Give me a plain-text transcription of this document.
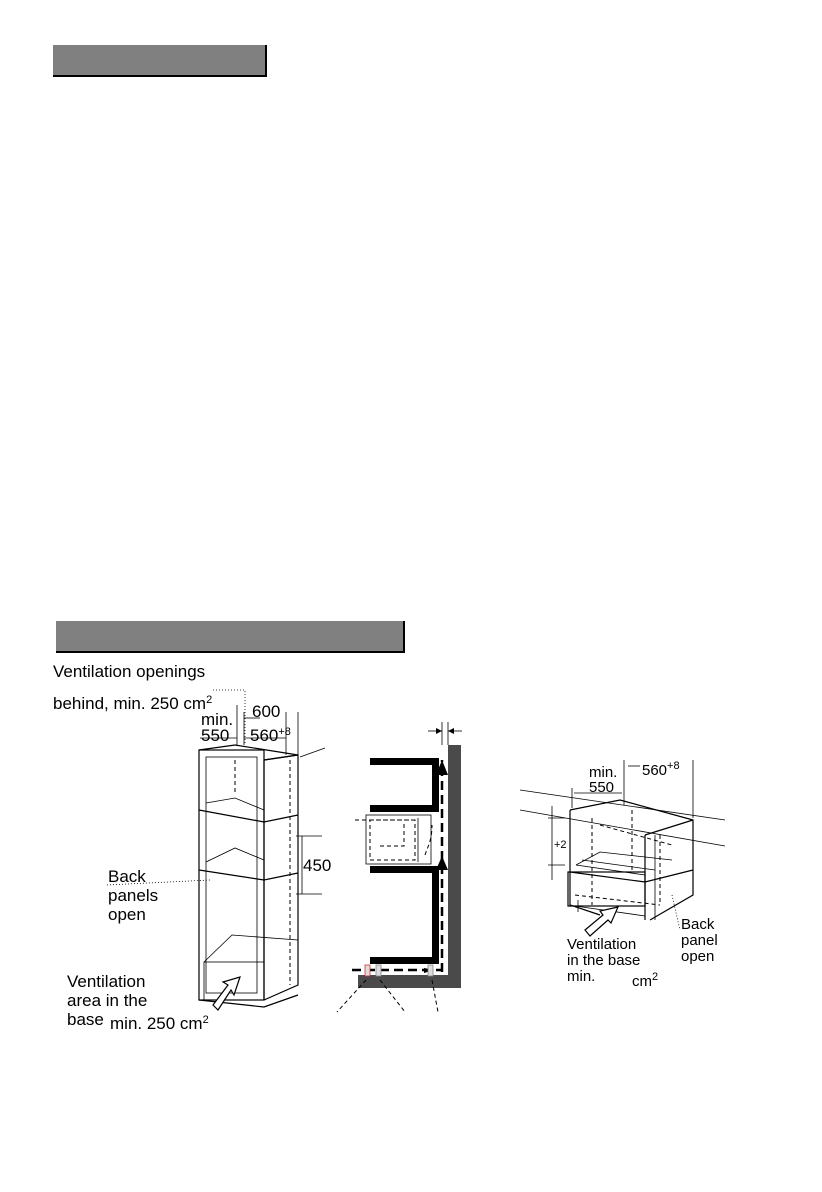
Ventilation openings
behind, min. 250 $cm^2$
600
min.
550 $560^{+8}$
450
Back
panels
open
Ventilation
area in the
base min. 250 $cm^2$
min.
550
$560^{+8}$
+2
Back
panel
open
Ventilation
in the base
min. $cm^2$
